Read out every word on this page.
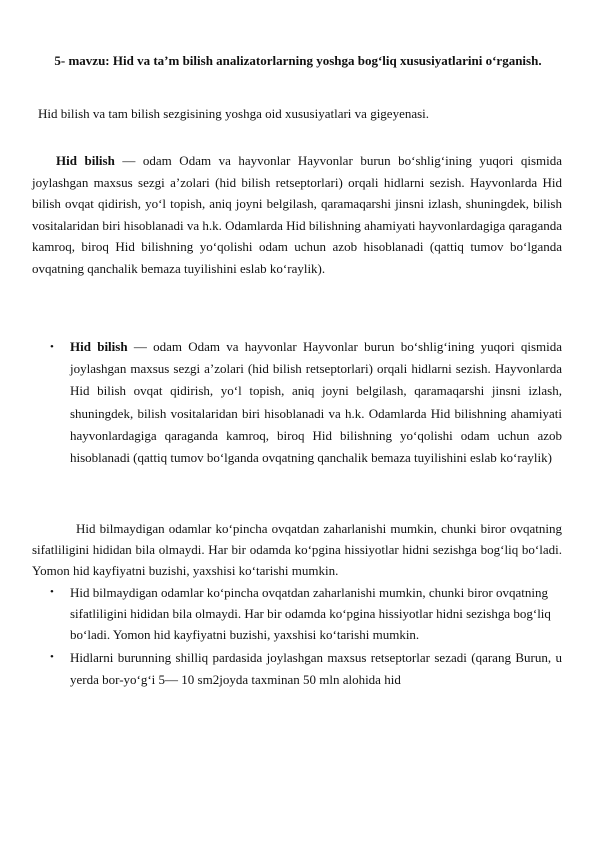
5- mavzu: Hid va ta’m bilish analizatorlarning yoshga bog‘liq xususiyatlarini o‘rganish.
Hid bilish va tam bilish sezgisining yoshga oid xususiyatlari va gigeyenasi.

Hid bilish — odam Odam va hayvonlar Hayvonlar burun bo‘shlig‘ining yuqori qismida joylashgan maxsus sezgi a’zolari (hid bilish retseptorlari) orqali hidlarni sezish. Hayvonlarda Hid bilish ovqat qidirish, yo‘l topish, aniq joyni belgilash, qaramaqarshi jinsni izlash, shuningdek, bilish vositalaridan biri hisoblanadi va h.k. Odamlarda Hid bilishning ahamiyati hayvonlardagiga qaraganda kamroq, biroq Hid bilishning yo‘qolishi odam uchun azob hisoblanadi (qattiq tumov bo‘lganda ovqatning qanchalik bemaza tuyilishini eslab ko‘raylik).

• Hid bilish — odam Odam va hayvonlar Hayvonlar burun bo‘shlig‘ining yuqori qismida joylashgan maxsus sezgi a’zolari (hid bilish retseptorlari) orqali hidlarni sezish. Hayvonlarda Hid bilish ovqat qidirish, yo‘l topish, aniq joyni belgilash, qaramaqarshi jinsni izlash, shuningdek, bilish vositalaridan biri hisoblanadi va h.k. Odamlarda Hid bilishning ahamiyati hayvonlardagiga qaraganda kamroq, biroq Hid bilishning yo‘qolishi odam uchun azob hisoblanadi (qattiq tumov bo‘lganda ovqatning qanchalik bemaza tuyilishini eslab ko‘raylik)

Hid bilmaydigan odamlar ko‘pincha ovqatdan zaharlanishi mumkin, chunki biror ovqatning sifatliligini hididan bila olmaydi. Har bir odamda ko‘pgina hissiyotlar hidni sezishga bog‘liq bo‘ladi. Yomon hid kayfiyatni buzishi, yaxshisi ko‘tarishi mumkin.

• Hid bilmaydigan odamlar ko‘pincha ovqatdan zaharlanishi mumkin, chunki biror ovqatning sifatliligini hididan bila olmaydi. Har bir odamda ko‘pgina hissiyotlar hidni sezishga bog‘liq bo‘ladi. Yomon hid kayfiyatni buzishi, yaxshisi ko‘tarishi mumkin.
• Hidlarni burunning shilliq pardasida joylashgan maxsus retseptorlar sezadi (qarang Burun, u yerda bor-yo‘g‘i 5— 10 sm2joyda taxminan 50 mln alohida hid
